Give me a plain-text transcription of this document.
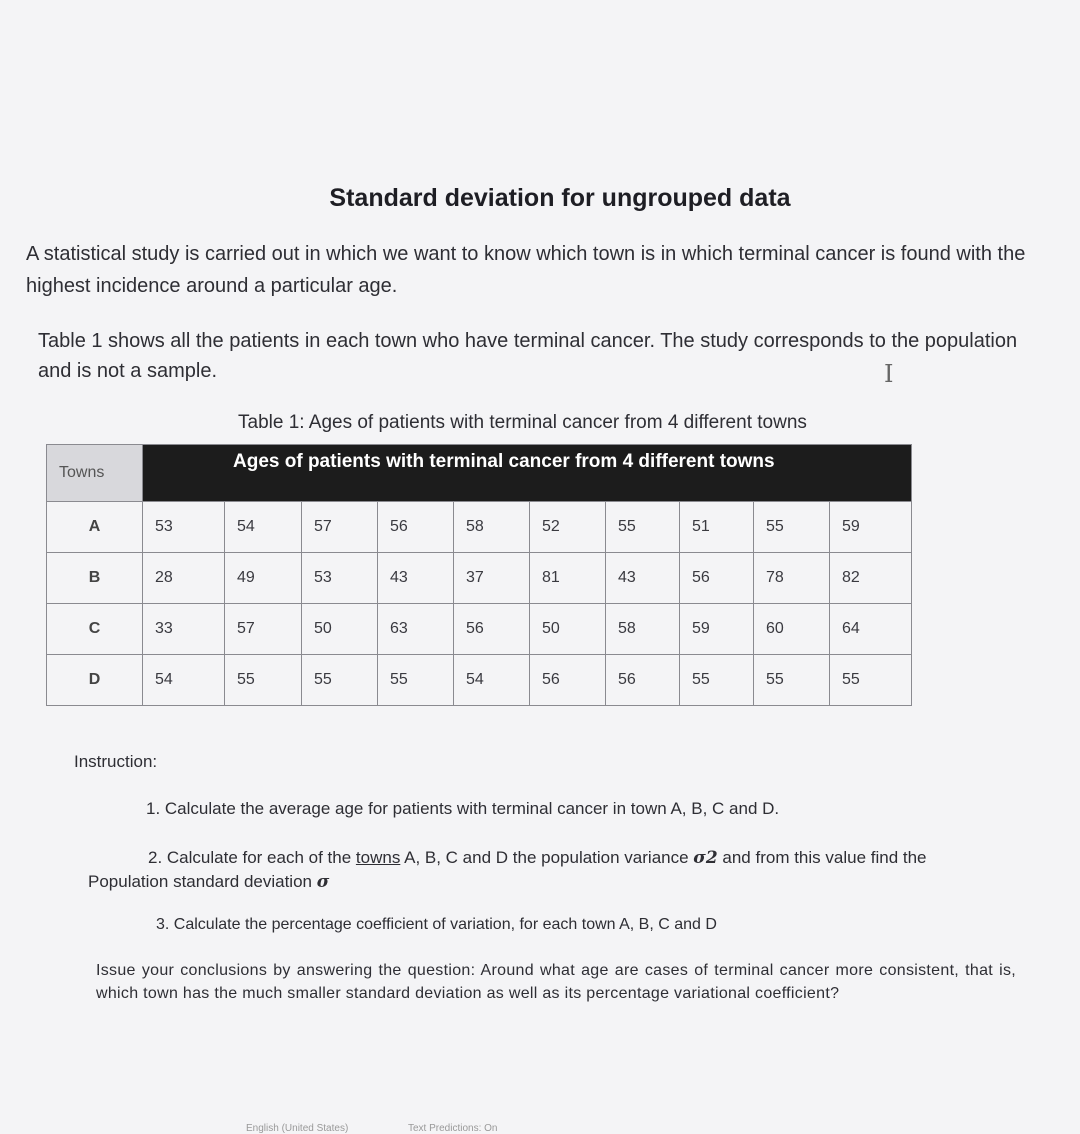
Standard deviation for ungrouped data
A statistical study is carried out in which we want to know which town is in which terminal cancer is found with the highest incidence around a particular age.
Table 1 shows all the patients in each town who have terminal cancer. The study corresponds to the population and is not a sample.	I
Table 1: Ages of patients with terminal cancer from 4 different towns
Towns	Ages of patients with terminal cancer from 4 different towns									
A	53	54	57	56	58	52	55	51	55	59
B	28	49	53	43	37	81	43	56	78	82
C	33	57	50	63	56	50	58	59	60	64
D	54	55	55	55	54	56	56	55	55	55
Instruction:
1. Calculate the average age for patients with terminal cancer in town A, B, C and D.
2. Calculate for each of the towns A, B, C and D the population variance σ2 and from this value find the
Population standard deviation σ
3. Calculate the percentage coefficient of variation, for each town A, B, C and D
Issue your conclusions by answering the question: Around what age are cases of terminal cancer more consistent, that is, which town has the much smaller standard deviation as well as its percentage variational coefficient?
English (United States)	Text Predictions: On
